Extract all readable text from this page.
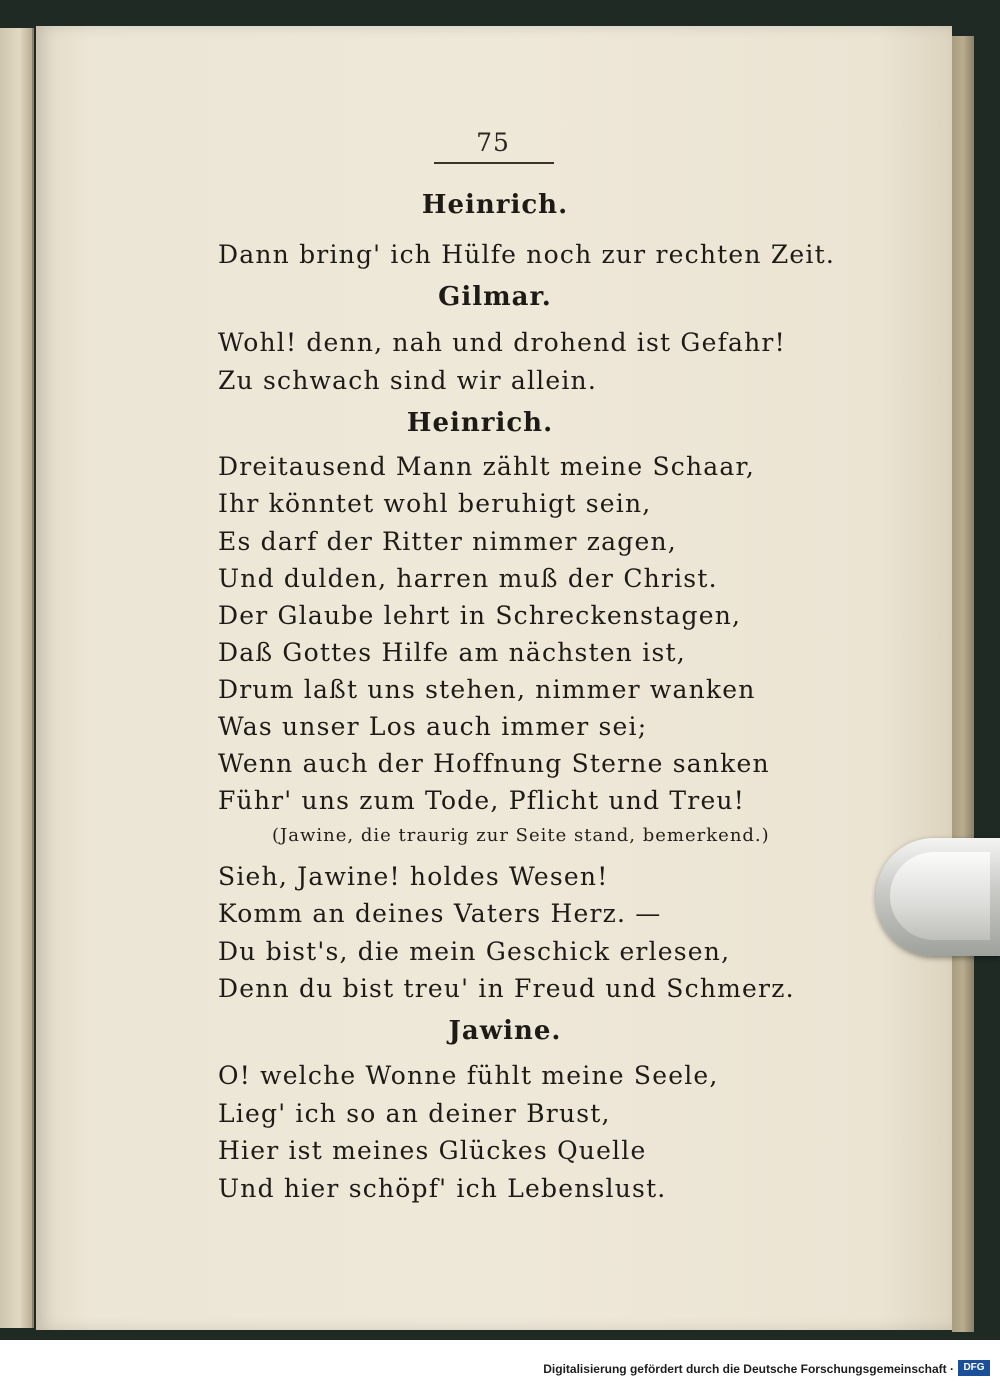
75
Heinrich.
Dann bring' ich Hülfe noch zur rechten Zeit.
Gilmar.
Wohl! denn, nah und drohend ist Gefahr!
Zu schwach sind wir allein.
Heinrich.
Dreitausend Mann zählt meine Schaar,
Ihr könntet wohl beruhigt sein,
Es darf der Ritter nimmer zagen,
Und dulden, harren muß der Christ.
Der Glaube lehrt in Schreckenstagen,
Daß Gottes Hilfe am nächsten ist,
Drum laßt uns stehen, nimmer wanken
Was unser Los auch immer sei;
Wenn auch der Hoffnung Sterne sanken
Führ' uns zum Tode, Pflicht und Treu!
(Jawine, die traurig zur Seite stand, bemerkend.)
Sieh, Jawine! holdes Wesen!
Komm an deines Vaters Herz. —
Du bist's, die mein Geschick erlesen,
Denn du bist treu' in Freud und Schmerz.
Jawine.
O! welche Wonne fühlt meine Seele,
Lieg' ich so an deiner Brust,
Hier ist meines Glückes Quelle
Und hier schöpf' ich Lebenslust.
Digitalisierung gefördert durch die Deutsche Forschungsgemeinschaft · DFG
